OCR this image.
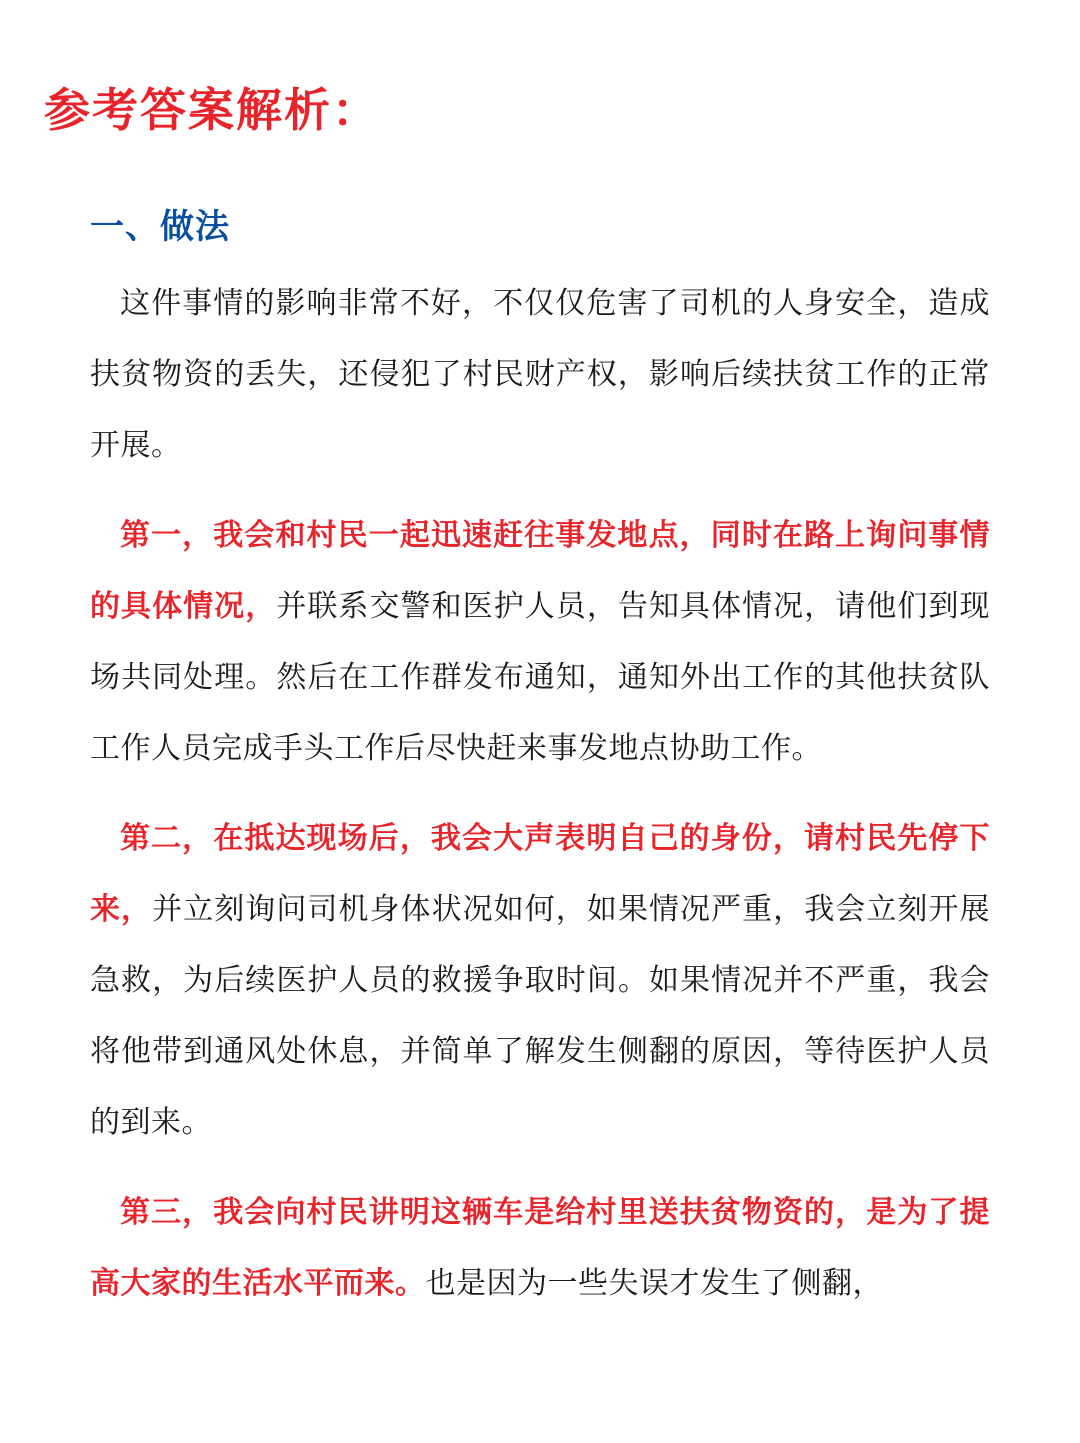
参考答案解析：
一、做法

这件事情的影响非常不好，不仅仅危害了司机的人身安全，造成扶贫物资的丢失，还侵犯了村民财产权，影响后续扶贫工作的正常开展。

第一，我会和村民一起迅速赶往事发地点，同时在路上询问事情的具体情况，并联系交警和医护人员，告知具体情况，请他们到现场共同处理。然后在工作群发布通知，通知外出工作的其他扶贫队工作人员完成手头工作后尽快赶来事发地点协助工作。

第二，在抵达现场后，我会大声表明自己的身份，请村民先停下来，并立刻询问司机身体状况如何，如果情况严重，我会立刻开展急救，为后续医护人员的救援争取时间。如果情况并不严重，我会将他带到通风处休息，并简单了解发生侧翻的原因，等待医护人员的到来。

第三，我会向村民讲明这辆车是给村里送扶贫物资的，是为了提高大家的生活水平而来。也是因为一些失误才发生了侧翻，
